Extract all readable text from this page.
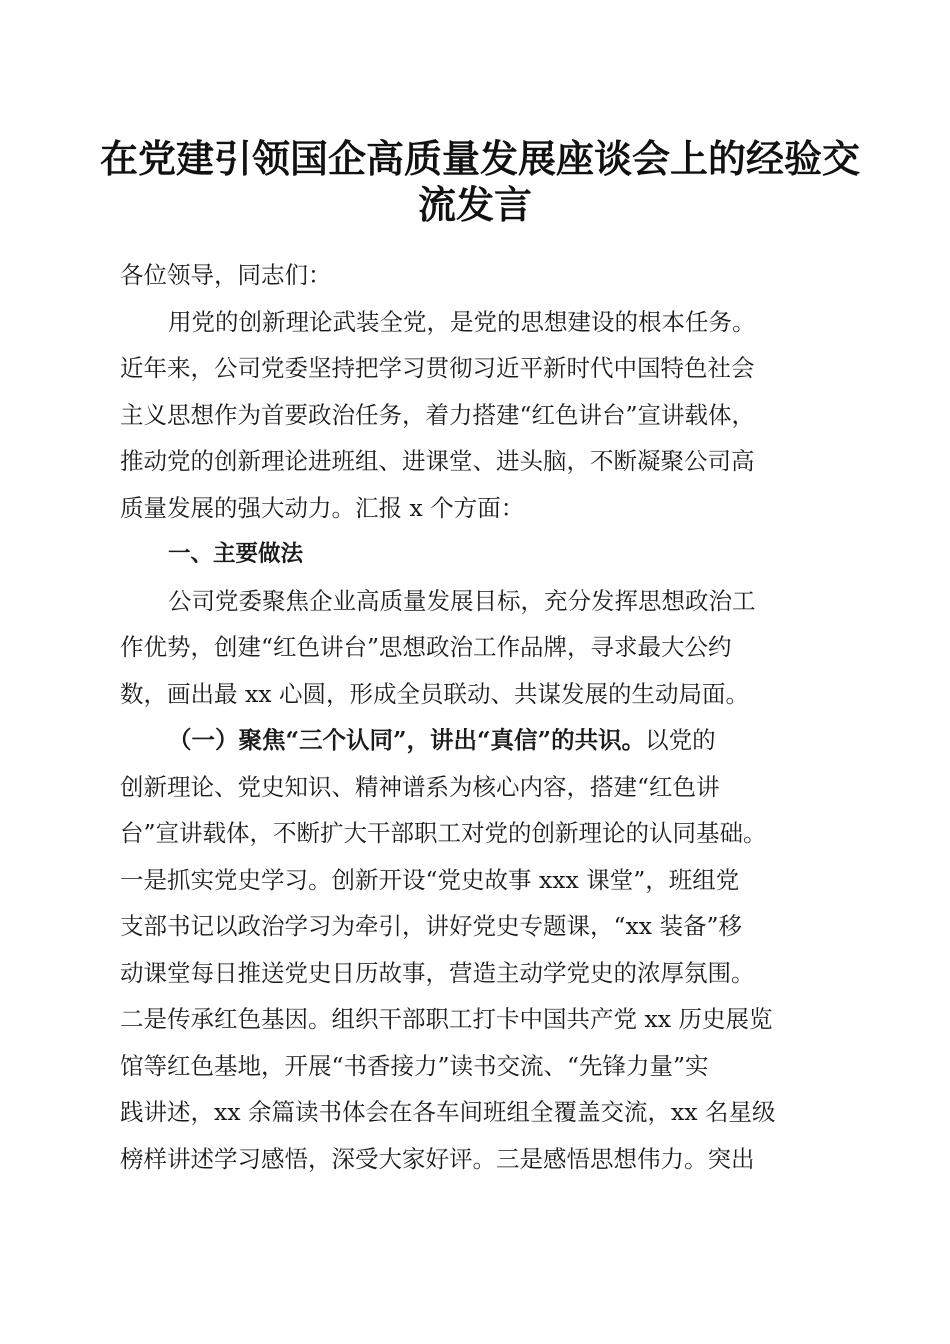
在党建引领国企高质量发展座谈会上的经验交
流发言
各位领导，同志们：
用党的创新理论武装全党，是党的思想建设的根本任务。
近年来，公司党委坚持把学习贯彻习近平新时代中国特色社会
主义思想作为首要政治任务，着力搭建“红色讲台”宣讲载体，
推动党的创新理论进班组、进课堂、进头脑，不断凝聚公司高
质量发展的强大动力。汇报 x 个方面：
一、主要做法
公司党委聚焦企业高质量发展目标，充分发挥思想政治工
作优势，创建“红色讲台”思想政治工作品牌，寻求最大公约
数，画出最 xx 心圆，形成全员联动、共谋发展的生动局面。
（一）聚焦“三个认同”，讲出“真信”的共识。以党的
创新理论、党史知识、精神谱系为核心内容，搭建“红色讲
台”宣讲载体，不断扩大干部职工对党的创新理论的认同基础。
一是抓实党史学习。创新开设“党史故事 xxx 课堂”，班组党
支部书记以政治学习为牵引，讲好党史专题课，“xx 装备”移
动课堂每日推送党史日历故事，营造主动学党史的浓厚氛围。
二是传承红色基因。组织干部职工打卡中国共产党 xx 历史展览
馆等红色基地，开展“书香接力”读书交流、“先锋力量”实
践讲述，xx 余篇读书体会在各车间班组全覆盖交流，xx 名星级
榜样讲述学习感悟，深受大家好评。三是感悟思想伟力。突出
